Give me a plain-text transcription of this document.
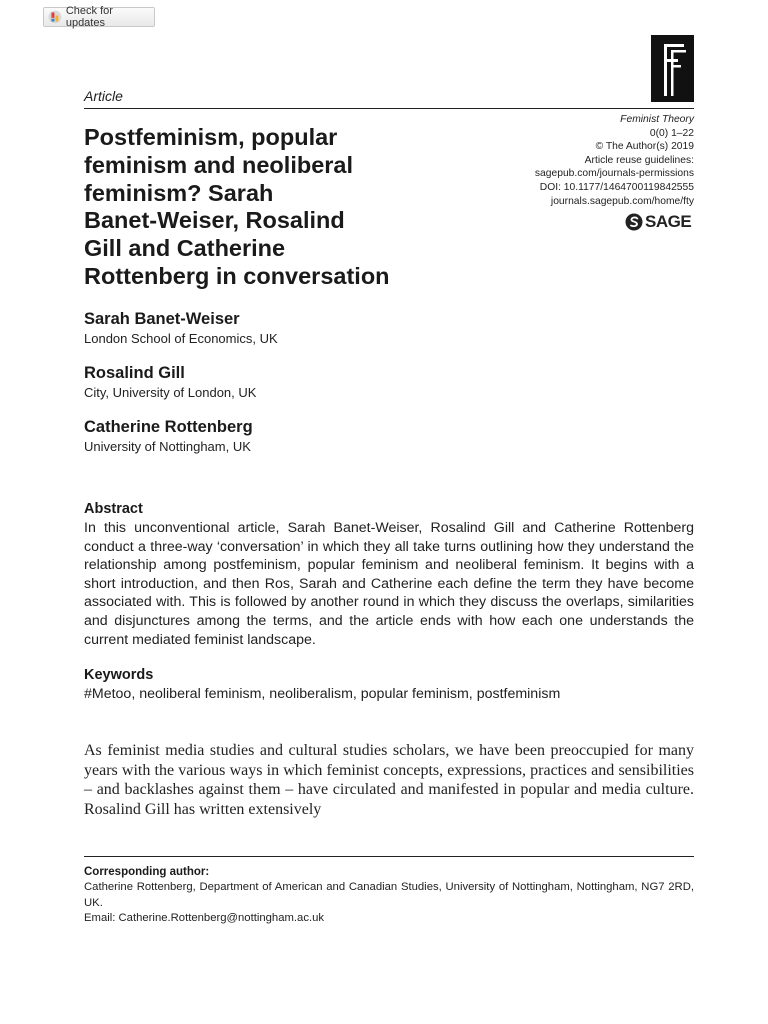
Check for updates
Article
Feminist Theory
0(0) 1–22
© The Author(s) 2019
Article reuse guidelines:
sagepub.com/journals-permissions
DOI: 10.1177/1464700119842555
journals.sagepub.com/home/fty
SAGE
Postfeminism, popular
feminism and neoliberal
feminism? Sarah
Banet-Weiser, Rosalind
Gill and Catherine
Rottenberg in conversation
Sarah Banet-Weiser
London School of Economics, UK
Rosalind Gill
City, University of London, UK
Catherine Rottenberg
University of Nottingham, UK
Abstract

In this unconventional article, Sarah Banet-Weiser, Rosalind Gill and Catherine Rottenberg conduct a three-way ‘conversation’ in which they all take turns outlining how they understand the relationship among postfeminism, popular feminism and neoliberal feminism. It begins with a short introduction, and then Ros, Sarah and Catherine each define the term they have become associated with. This is followed by another round in which they discuss the overlaps, similarities and disjunctures among the terms, and the article ends with how each one understands the current mediated feminist landscape.

Keywords
#Metoo, neoliberal feminism, neoliberalism, popular feminism, postfeminism

As feminist media studies and cultural studies scholars, we have been preoccupied for many years with the various ways in which feminist concepts, expressions, practices and sensibilities – and backlashes against them – have circulated and manifested in popular and media culture. Rosalind Gill has written extensively

Corresponding author:
Catherine Rottenberg, Department of American and Canadian Studies, University of Nottingham, Nottingham, NG7 2RD, UK.
Email: Catherine.Rottenberg@nottingham.ac.uk
